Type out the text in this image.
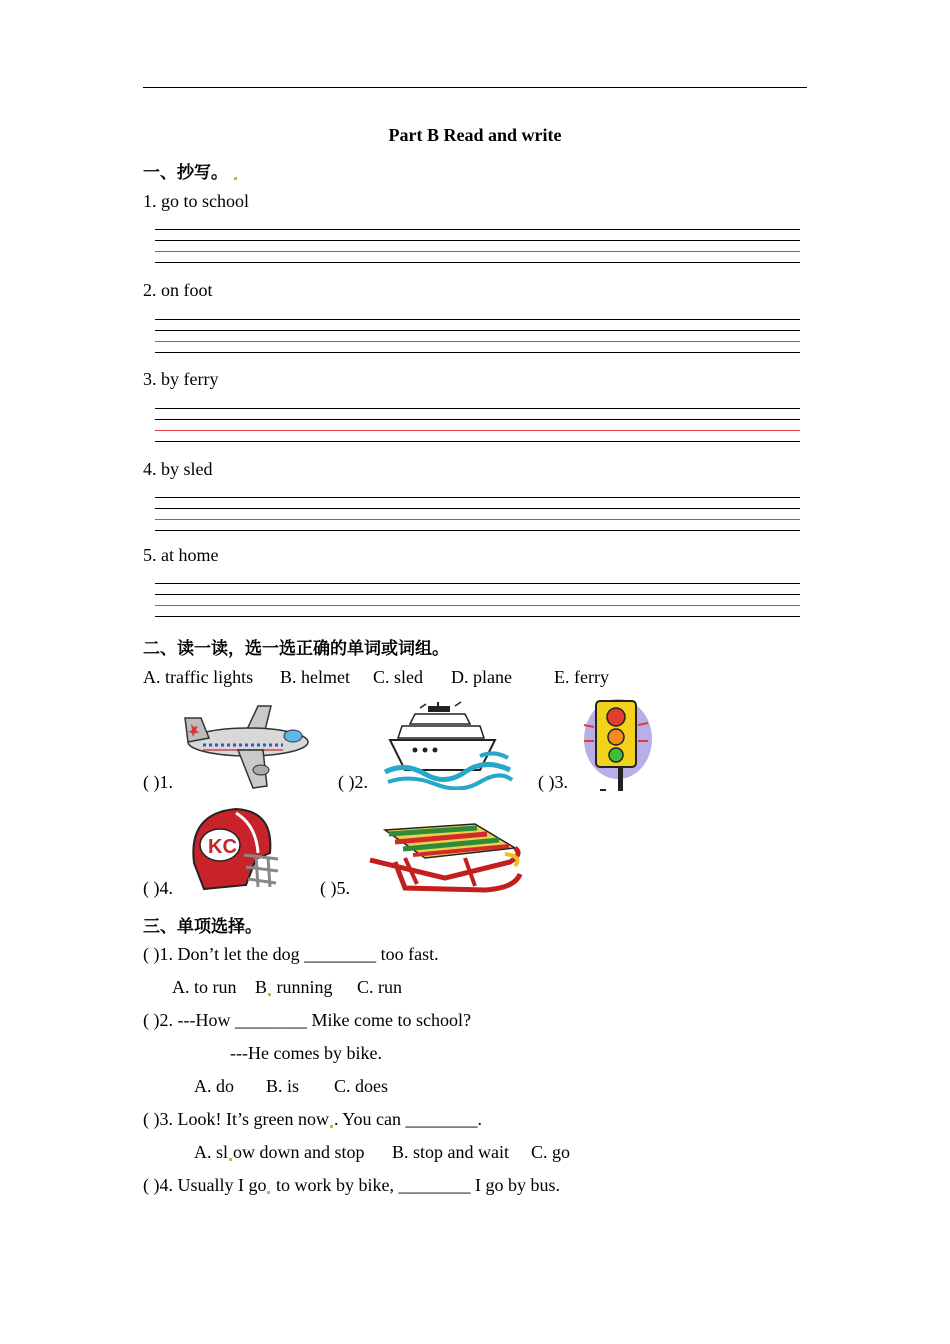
Part B Read and write
一、抄写。
1. go to school
2. on foot
3. by ferry
4. by sled
5. at home
二、读一读，选一选正确的单词或词组。
A. traffic lights B. helmet C. sled D. plane E. ferry
( )1.	( )2.	( )3.
( )4.
KC
( )5.
三、单项选择。
( )1. Don’t let the dog ________ too fast.
A. to run B running C. run
( )2. ---How ________ Mike come to school?
---He comes by bike.
A. do B. is C. does
( )3. Look! It’s green now . You can ________.
A. sl ow down and stop B. stop and wait C. go
( )4. Usually I go to work by bike, ________ I go by bus.
